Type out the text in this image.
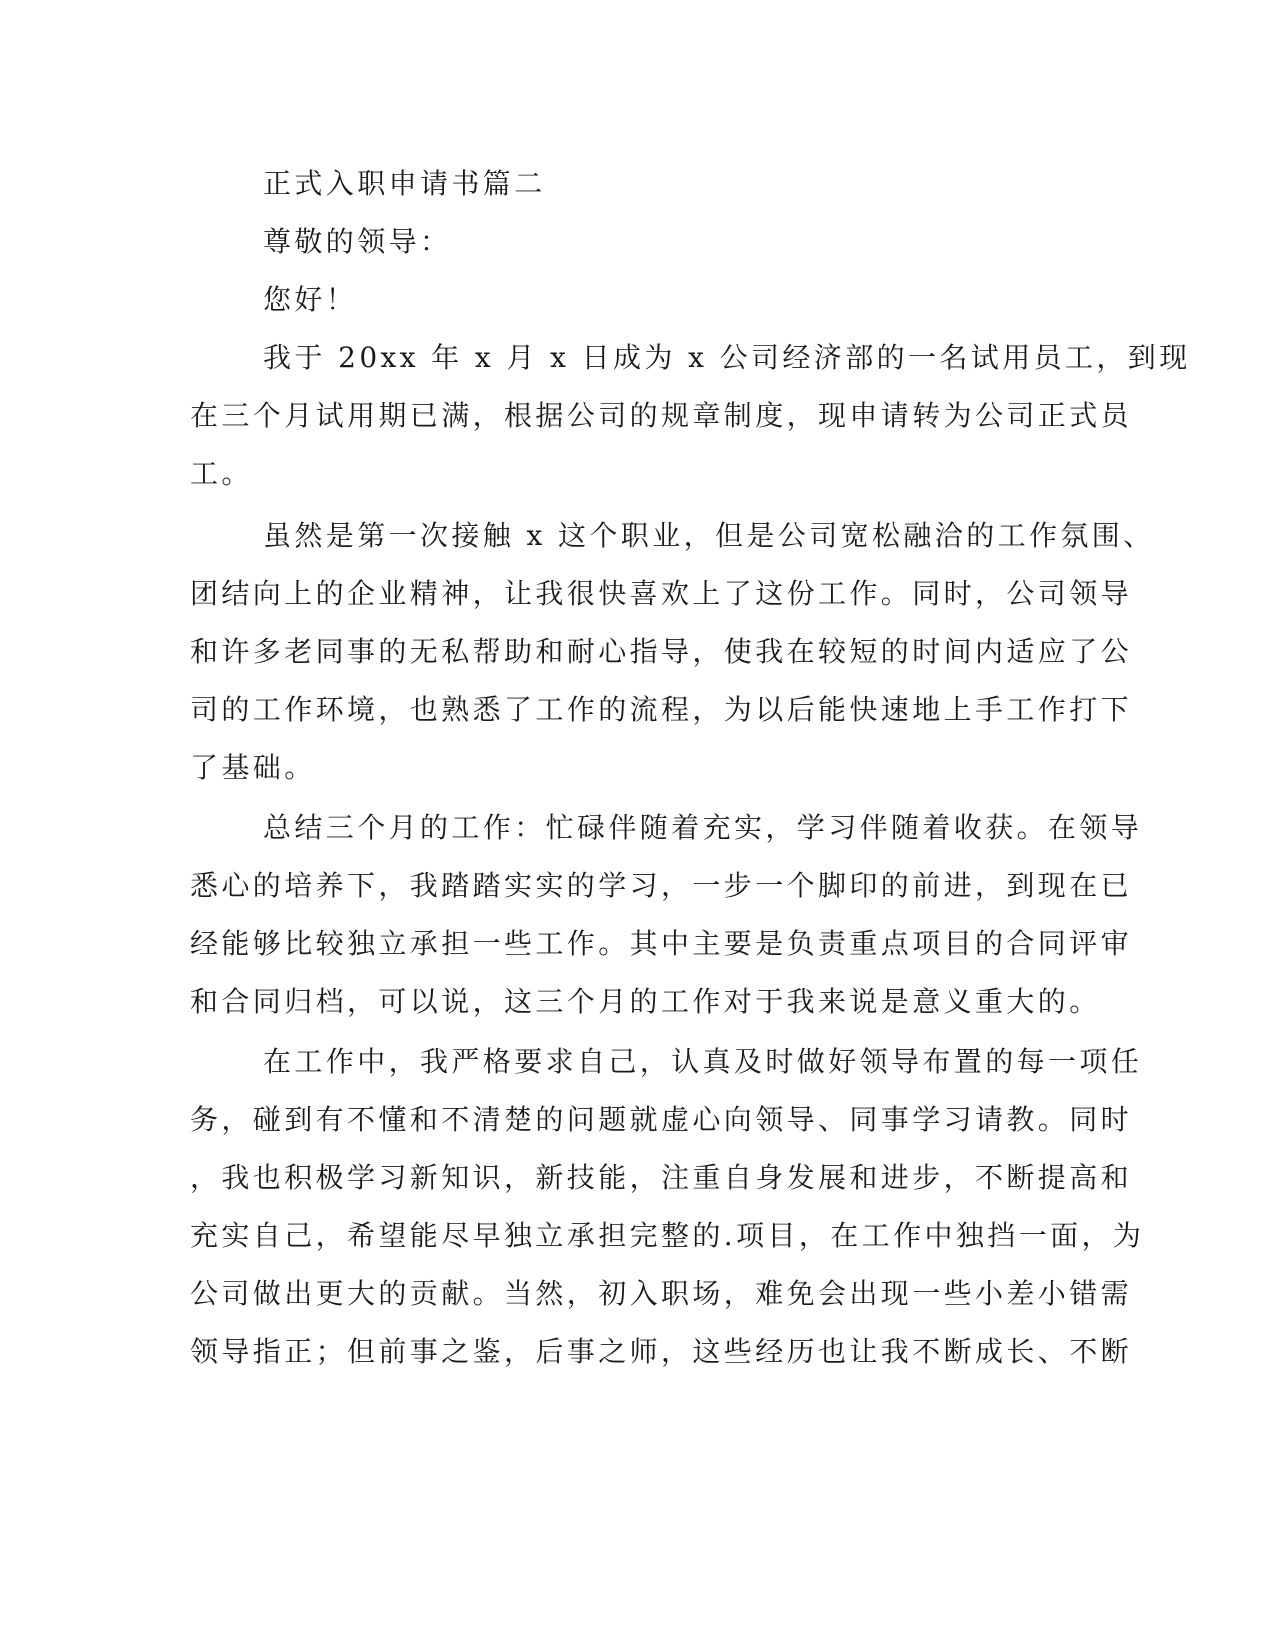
正式入职申请书篇二
尊敬的领导：
您好！
我于 20xx 年 x 月 x 日成为 x 公司经济部的一名试用员工，到现
在三个月试用期已满，根据公司的规章制度，现申请转为公司正式员
工。
虽然是第一次接触 x 这个职业，但是公司宽松融洽的工作氛围、
团结向上的企业精神，让我很快喜欢上了这份工作。同时，公司领导
和许多老同事的无私帮助和耐心指导，使我在较短的时间内适应了公
司的工作环境，也熟悉了工作的流程，为以后能快速地上手工作打下
了基础。
总结三个月的工作：忙碌伴随着充实，学习伴随着收获。在领导
悉心的培养下，我踏踏实实的学习，一步一个脚印的前进，到现在已
经能够比较独立承担一些工作。其中主要是负责重点项目的合同评审
和合同归档，可以说，这三个月的工作对于我来说是意义重大的。
在工作中，我严格要求自己，认真及时做好领导布置的每一项任
务，碰到有不懂和不清楚的问题就虚心向领导、同事学习请教。同时
，我也积极学习新知识，新技能，注重自身发展和进步，不断提高和
充实自己，希望能尽早独立承担完整的.项目，在工作中独挡一面，为
公司做出更大的贡献。当然，初入职场，难免会出现一些小差小错需
领导指正；但前事之鉴，后事之师，这些经历也让我不断成长、不断
